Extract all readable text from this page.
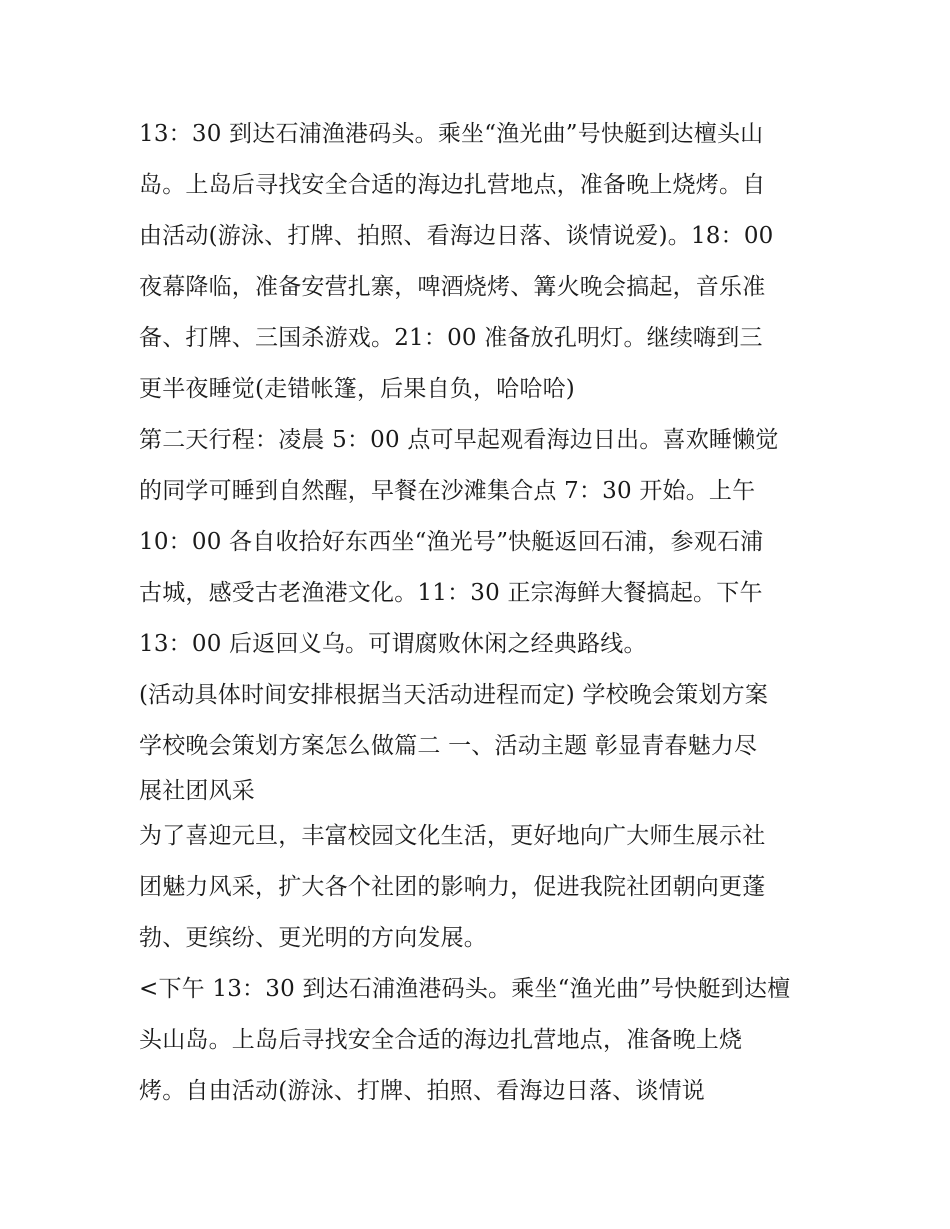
13：30 到达石浦渔港码头。乘坐“渔光曲”号快艇到达檀头山
岛。上岛后寻找安全合适的海边扎营地点，准备晚上烧烤。自
由活动(游泳、打牌、拍照、看海边日落、谈情说爱)。18：00
夜幕降临，准备安营扎寨，啤酒烧烤、篝火晚会搞起，音乐准
备、打牌、三国杀游戏。21：00 准备放孔明灯。继续嗨到三
更半夜睡觉(走错帐篷，后果自负，哈哈哈)
第二天行程：凌晨 5：00 点可早起观看海边日出。喜欢睡懒觉
的同学可睡到自然醒，早餐在沙滩集合点 7：30 开始。上午
10：00 各自收拾好东西坐“渔光号”快艇返回石浦，参观石浦
古城，感受古老渔港文化。11：30 正宗海鲜大餐搞起。下午
13：00 后返回义乌。可谓腐败休闲之经典路线。
(活动具体时间安排根据当天活动进程而定) 学校晚会策划方案
学校晚会策划方案怎么做篇二 一、活动主题 彰显青春魅力尽
展社团风采
为了喜迎元旦，丰富校园文化生活，更好地向广大师生展示社
团魅力风采，扩大各个社团的影响力，促进我院社团朝向更蓬
勃、更缤纷、更光明的方向发展。
<下午 13：30 到达石浦渔港码头。乘坐“渔光曲”号快艇到达檀
头山岛。上岛后寻找安全合适的海边扎营地点，准备晚上烧
烤。自由活动(游泳、打牌、拍照、看海边日落、谈情说
